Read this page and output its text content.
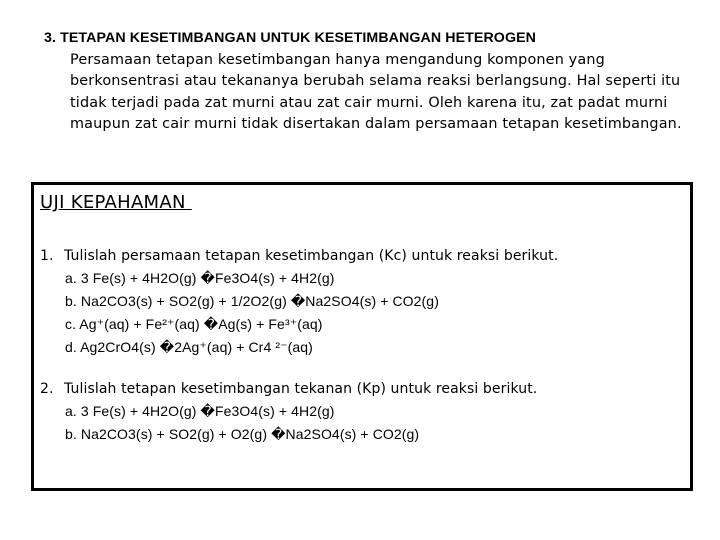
3. TETAPAN KESETIMBANGAN UNTUK KESETIMBANGAN HETEROGEN
Persamaan tetapan kesetimbangan hanya mengandung komponen yang
berkonsentrasi atau tekananya berubah selama reaksi berlangsung. Hal seperti itu
tidak terjadi pada zat murni atau zat cair murni. Oleh karena itu, zat padat murni
maupun zat cair murni tidak disertakan dalam persamaan tetapan kesetimbangan.
UJI KEPAHAMAN
1. Tulislah persamaan tetapan kesetimbangan (Kc) untuk reaksi berikut.
a. 3 Fe(s) + 4H2O(g) �Fe3O4(s) + 4H2(g)
b. Na2CO3(s) + SO2(g) + 1/2O2(g) �Na2SO4(s) + CO2(g)
c. Ag⁺(aq) + Fe²⁺(aq) �Ag(s) + Fe³⁺(aq)
d. Ag2CrO4(s) �2Ag⁺(aq) + Cr4 ²⁻(aq)
2. Tulislah tetapan kesetimbangan tekanan (Kp) untuk reaksi berikut.
a. 3 Fe(s) + 4H2O(g) �Fe3O4(s) + 4H2(g)
b. Na2CO3(s) + SO2(g) + O2(g) �Na2SO4(s) + CO2(g)
